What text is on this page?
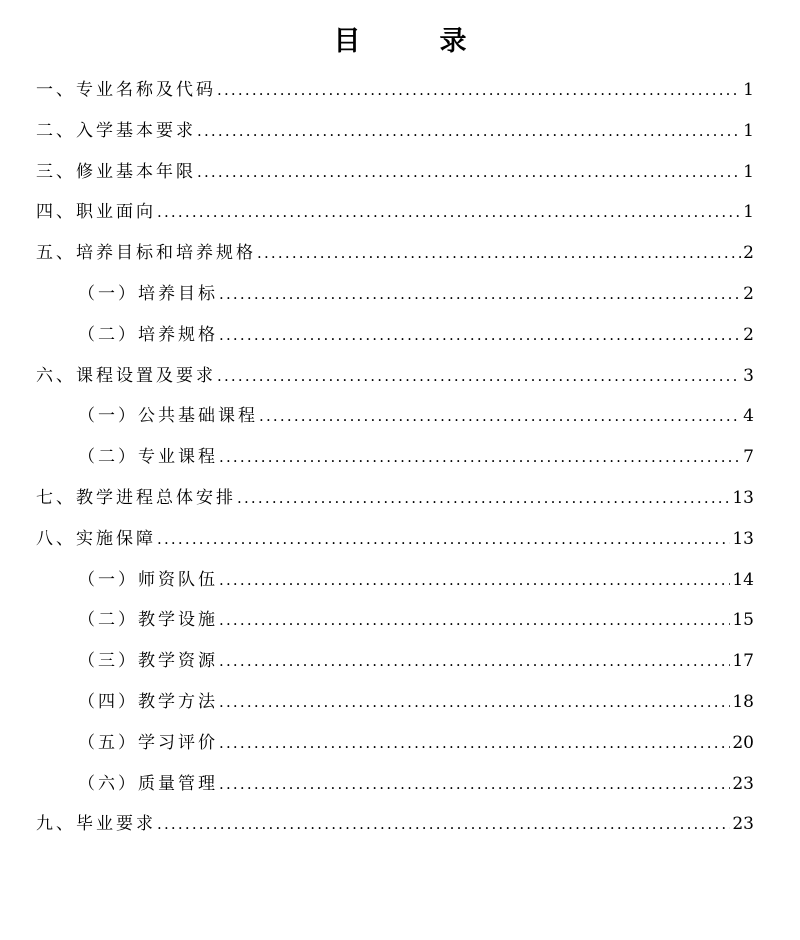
目　录
一、专业名称及代码 .....	1
二、入学基本要求 .....	1
三、修业基本年限 .....	1
四、职业面向 .....	1
五、培养目标和培养规格 .....	2
（一）培养目标 .....	2
（二）培养规格 .....	2
六、课程设置及要求 .....	3
（一）公共基础课程 .....	4
（二）专业课程 .....	7
七、教学进程总体安排 .....	13
八、实施保障 .....	13
（一）师资队伍 .....	14
（二）教学设施 .....	15
（三）教学资源 .....	17
（四）教学方法 .....	18
（五）学习评价 .....	20
（六）质量管理 .....	23
九、毕业要求 .....	23
